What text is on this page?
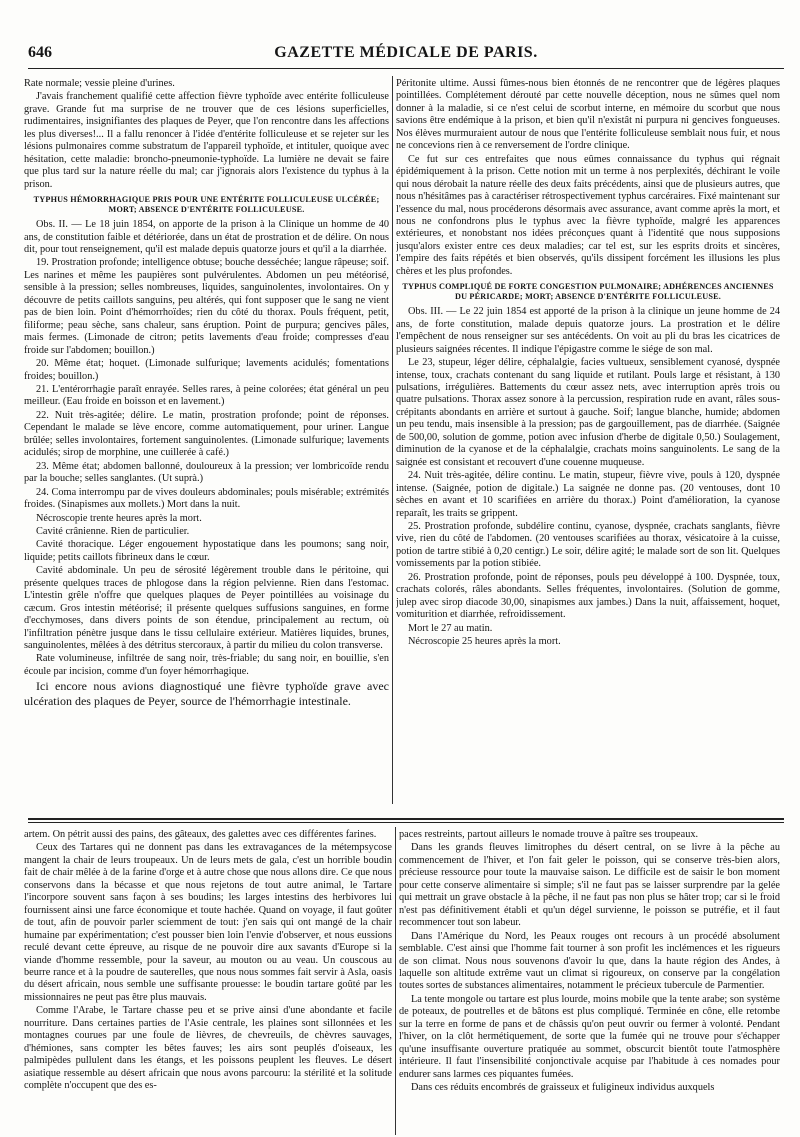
646	GAZETTE MÉDICALE DE PARIS.

Rate normale; vessie pleine d'urines.

J'avais franchement qualifié cette affection fièvre typhoïde avec entérite folliculeuse grave. Grande fut ma surprise de ne trouver que de ces lésions superficielles, rudimentaires, insignifiantes des plaques de Peyer, que l'on rencontre dans les affections les plus diverses!... Il a fallu renoncer à l'idée d'entérite folliculeuse et se rejeter sur les lésions pulmonaires comme substratum de l'appareil typhoïde, et intituler, quoique avec hésitation, cette maladie: broncho-pneumonie-typhoïde. La lumière ne devait se faire que plus tard sur la nature réelle du mal; car j'ignorais alors l'existence du typhus à la prison.

TYPHUS HÉMORRHAGIQUE PRIS POUR UNE ENTÉRITE FOLLICULEUSE ULCÉRÉE; MORT; ABSENCE D'ENTÉRITE FOLLICULEUSE.

Obs. II. — Le 18 juin 1854, on apporte de la prison à la Clinique un homme de 40 ans, de constitution faible et détériorée, dans un état de prostration et de délire. On nous dit, pour tout renseignement, qu'il est malade depuis quatorze jours et qu'il a la diarrhée.

19. Prostration profonde; intelligence obtuse; bouche desséchée; langue râpeuse; soif. Les narines et même les paupières sont pulvérulentes. Abdomen un peu météorisé, sensible à la pression; selles nombreuses, liquides, sanguinolentes, involontaires. On y découvre de petits caillots sanguins, peu altérés, qui font supposer que le sang ne vient pas de bien loin. Point d'hémorrhoïdes; rien du côté du thorax. Pouls fréquent, petit, filiforme; peau sèche, sans chaleur, sans éruption. Point de purpura; gencives pâles, mais fermes. (Limonade de citron; petits lavements d'eau froide; compresses d'eau froide sur l'abdomen; bouillon.)

20. Même état; hoquet. (Limonade sulfurique; lavements acidulés; fomentations froides; bouillon.)

21. L'entérorrhagie paraît enrayée. Selles rares, à peine colorées; état général un peu meilleur. (Eau froide en boisson et en lavement.)

22. Nuit très-agitée; délire. Le matin, prostration profonde; point de réponses. Cependant le malade se lève encore, comme automatiquement, pour uriner. Langue brûlée; selles involontaires, fortement sanguinolentes. (Limonade sulfurique; lavements acidulés; sirop de morphine, une cuillerée à café.)

23. Même état; abdomen ballonné, douloureux à la pression; ver lombricoïde rendu par la bouche; selles sanglantes. (Ut suprà.)

24. Coma interrompu par de vives douleurs abdominales; pouls misérable; extrémités froides. (Sinapismes aux mollets.) Mort dans la nuit.

Nécroscopie trente heures après la mort.

Cavité crânienne. Rien de particulier.

Cavité thoracique. Léger engouement hypostatique dans les poumons; sang noir, liquide; petits caillots fibrineux dans le cœur.

Cavité abdominale. Un peu de sérosité légèrement trouble dans le péritoine, qui présente quelques traces de phlogose dans la région pelvienne. Rien dans l'estomac. L'intestin grêle n'offre que quelques plaques de Peyer pointillées au voisinage du cæcum. Gros intestin météorisé; il présente quelques suffusions sanguines, en forme d'ecchymoses, dans divers points de son étendue, principalement au rectum, où l'infiltration pénètre jusque dans le tissu cellulaire extérieur. Matières liquides, brunes, sanguinolentes, mêlées à des détritus stercoraux, à partir du milieu du colon transverse.

Rate volumineuse, infiltrée de sang noir, très-friable; du sang noir, en bouillie, s'en écoule par incision, comme d'un foyer hémorrhagique.

Ici encore nous avions diagnostiqué une fièvre typhoïde grave avec ulcération des plaques de Peyer, source de l'hémorrhagie intestinale.

Péritonite ultime. Aussi fûmes-nous bien étonnés de ne rencontrer que de légères plaques pointillées. Complétement dérouté par cette nouvelle déception, nous ne sûmes quel nom donner à la maladie, si ce n'est celui de scorbut interne, en mémoire du scorbut que nous savions être endémique à la prison, et bien qu'il n'existât ni purpura ni gencives fongueuses. Nos élèves murmuraient autour de nous que l'entérite folliculeuse semblait nous fuir, et nous ne concevions rien à ce renversement de l'ordre clinique.

Ce fut sur ces entrefaites que nous eûmes connaissance du typhus qui régnait épidémiquement à la prison. Cette notion mit un terme à nos perplexités, déchirant le voile qui nous dérobait la nature réelle des deux faits précédents, ainsi que de plusieurs autres, que nous n'hésitâmes pas à caractériser rétrospectivement typhus carcéraires. Fixé maintenant sur l'essence du mal, nous procéderons désormais avec assurance, avant comme après la mort, et nous ne confondrons plus le typhus avec la fièvre typhoïde, malgré les apparences extérieures, et nonobstant nos idées préconçues quant à l'identité que nous supposions jusqu'alors exister entre ces deux maladies; car tel est, sur les esprits droits et sincères, l'empire des faits répétés et bien observés, qu'ils dissipent forcément les illusions les plus chères et les plus profondes.

TYPHUS COMPLIQUÉ DE FORTE CONGESTION PULMONAIRE; ADHÉRENCES ANCIENNES DU PÉRICARDE; MORT; ABSENCE D'ENTÉRITE FOLLICULEUSE.

Obs. III. — Le 22 juin 1854 est apporté de la prison à la clinique un jeune homme de 24 ans, de forte constitution, malade depuis quatorze jours. La prostration et le délire l'empêchent de nous renseigner sur ses antécédents. On voit au pli du bras les cicatrices de plusieurs saignées récentes. Il indique l'épigastre comme le siége de son mal.

Le 23, stupeur, léger délire, céphalalgie, facies vultueux, sensiblement cyanosé, dyspnée intense, toux, crachats contenant du sang liquide et rutilant. Pouls large et résistant, à 130 pulsations, irrégulières. Battements du cœur assez nets, avec interruption après trois ou quatre pulsations. Thorax assez sonore à la percussion, respiration rude en avant, râles sous-crépitants abondants en arrière et surtout à gauche. Soif; langue blanche, humide; abdomen un peu tendu, mais insensible à la pression; pas de gargouillement, pas de diarrhée. (Saignée de 500,00, solution de gomme, potion avec infusion d'herbe de digitale 0,50.) Soulagement, diminution de la cyanose et de la céphalalgie, crachats moins sanguinolents. Le sang de la saignée est consistant et recouvert d'une couenne muqueuse.

24. Nuit très-agitée, délire continu. Le matin, stupeur, fièvre vive, pouls à 120, dyspnée intense. (Saignée, potion de digitale.) La saignée ne donne pas. (20 ventouses, dont 10 sèches en avant et 10 scarifiées en arrière du thorax.) Point d'amélioration, la cyanose reparaît, les traits se grippent.

25. Prostration profonde, subdélire continu, cyanose, dyspnée, crachats sanglants, fièvre vive, rien du côté de l'abdomen. (20 ventouses scarifiées au thorax, vésicatoire à la cuisse, potion de tartre stibié à 0,20 centigr.) Le soir, délire agité; le malade sort de son lit. Quelques vomissements par la potion stibiée.

26. Prostration profonde, point de réponses, pouls peu développé à 100. Dyspnée, toux, crachats colorés, râles abondants. Selles fréquentes, involontaires. (Solution de gomme, julep avec sirop diacode 30,00, sinapismes aux jambes.) Dans la nuit, affaissement, hoquet, vomiturition et diarrhée, refroidissement.

Mort le 27 au matin.

Nécroscopie 25 heures après la mort.

artem. On pétrit aussi des pains, des gâteaux, des galettes avec ces différentes farines.

Ceux des Tartares qui ne donnent pas dans les extravagances de la métempsycose mangent la chair de leurs troupeaux. Un de leurs mets de gala, c'est un horrible boudin fait de chair mêlée à de la farine d'orge et à autre chose que nous allons dire. Ce que nous conservons dans la bécasse et que nous rejetons de tout autre animal, le Tartare l'incorpore souvent sans façon à ses boudins; les larges intestins des herbivores lui fournissent ainsi une farce économique et toute hachée. Quand on voyage, il faut goûter de tout, afin de pouvoir parler sciemment de tout: j'en sais qui ont mangé de la chair humaine par expérimentation; c'est pousser bien loin l'envie d'observer, et nous eussions reculé devant cette épreuve, au risque de ne pouvoir dire aux savants d'Europe si la viande d'homme ressemble, pour la saveur, au mouton ou au veau. Un couscous au beurre rance et à la poudre de sauterelles, que nous nous sommes fait servir à Asla, oasis du désert africain, nous semble une suffisante prouesse: le boudin tartare goûté par les missionnaires ne peut pas être plus mauvais.

Comme l'Arabe, le Tartare chasse peu et se prive ainsi d'une abondante et facile nourriture. Dans certaines parties de l'Asie centrale, les plaines sont sillonnées et les montagnes courues par une foule de lièvres, de chevreuils, de chèvres sauvages, d'hémiones, sans compter les bêtes fauves; les airs sont peuplés d'oiseaux, les palmipèdes pullulent dans les étangs, et les poissons peuplent les fleuves. Le désert asiatique ressemble au désert africain que nous avons parcouru: la stérilité et la solitude complète n'occupent que des es-

paces restreints, partout ailleurs le nomade trouve à paître ses troupeaux.

Dans les grands fleuves limitrophes du désert central, on se livre à la pêche au commencement de l'hiver, et l'on fait geler le poisson, qui se conserve très-bien alors, précieuse ressource pour toute la mauvaise saison. Le difficile est de saisir le bon moment pour cette conserve alimentaire si simple; s'il ne faut pas se laisser surprendre par la gelée qui mettrait un grave obstacle à la pêche, il ne faut pas non plus se hâter trop; car si le froid n'est pas définitivement établi et qu'un dégel survienne, le poisson se putréfie, et il faut recommencer tout son labeur.

Dans l'Amérique du Nord, les Peaux rouges ont recours à un procédé absolument semblable. C'est ainsi que l'homme fait tourner à son profit les inclémences et les rigueurs de son climat. Nous nous souvenons d'avoir lu que, dans la haute région des Andes, à laquelle son altitude extrême vaut un climat si rigoureux, on conserve par la congélation toutes sortes de substances alimentaires, notamment le précieux tubercule de Parmentier.

La tente mongole ou tartare est plus lourde, moins mobile que la tente arabe; son système de poteaux, de poutrelles et de bâtons est plus compliqué. Terminée en cône, elle retombe sur la terre en forme de pans et de châssis qu'on peut ouvrir ou fermer à volonté. Pendant l'hiver, on la clôt hermétiquement, de sorte que la fumée qui ne trouve pour s'échapper qu'une insuffisante ouverture pratiquée au sommet, obscurcit bientôt toute l'atmosphère intérieure. Il faut l'insensibilité conjonctivale acquise par l'habitude à ces nomades pour endurer sans larmes ces piquantes fumées.

Dans ces réduits encombrés de graisseux et fuligineux individus auxquels
